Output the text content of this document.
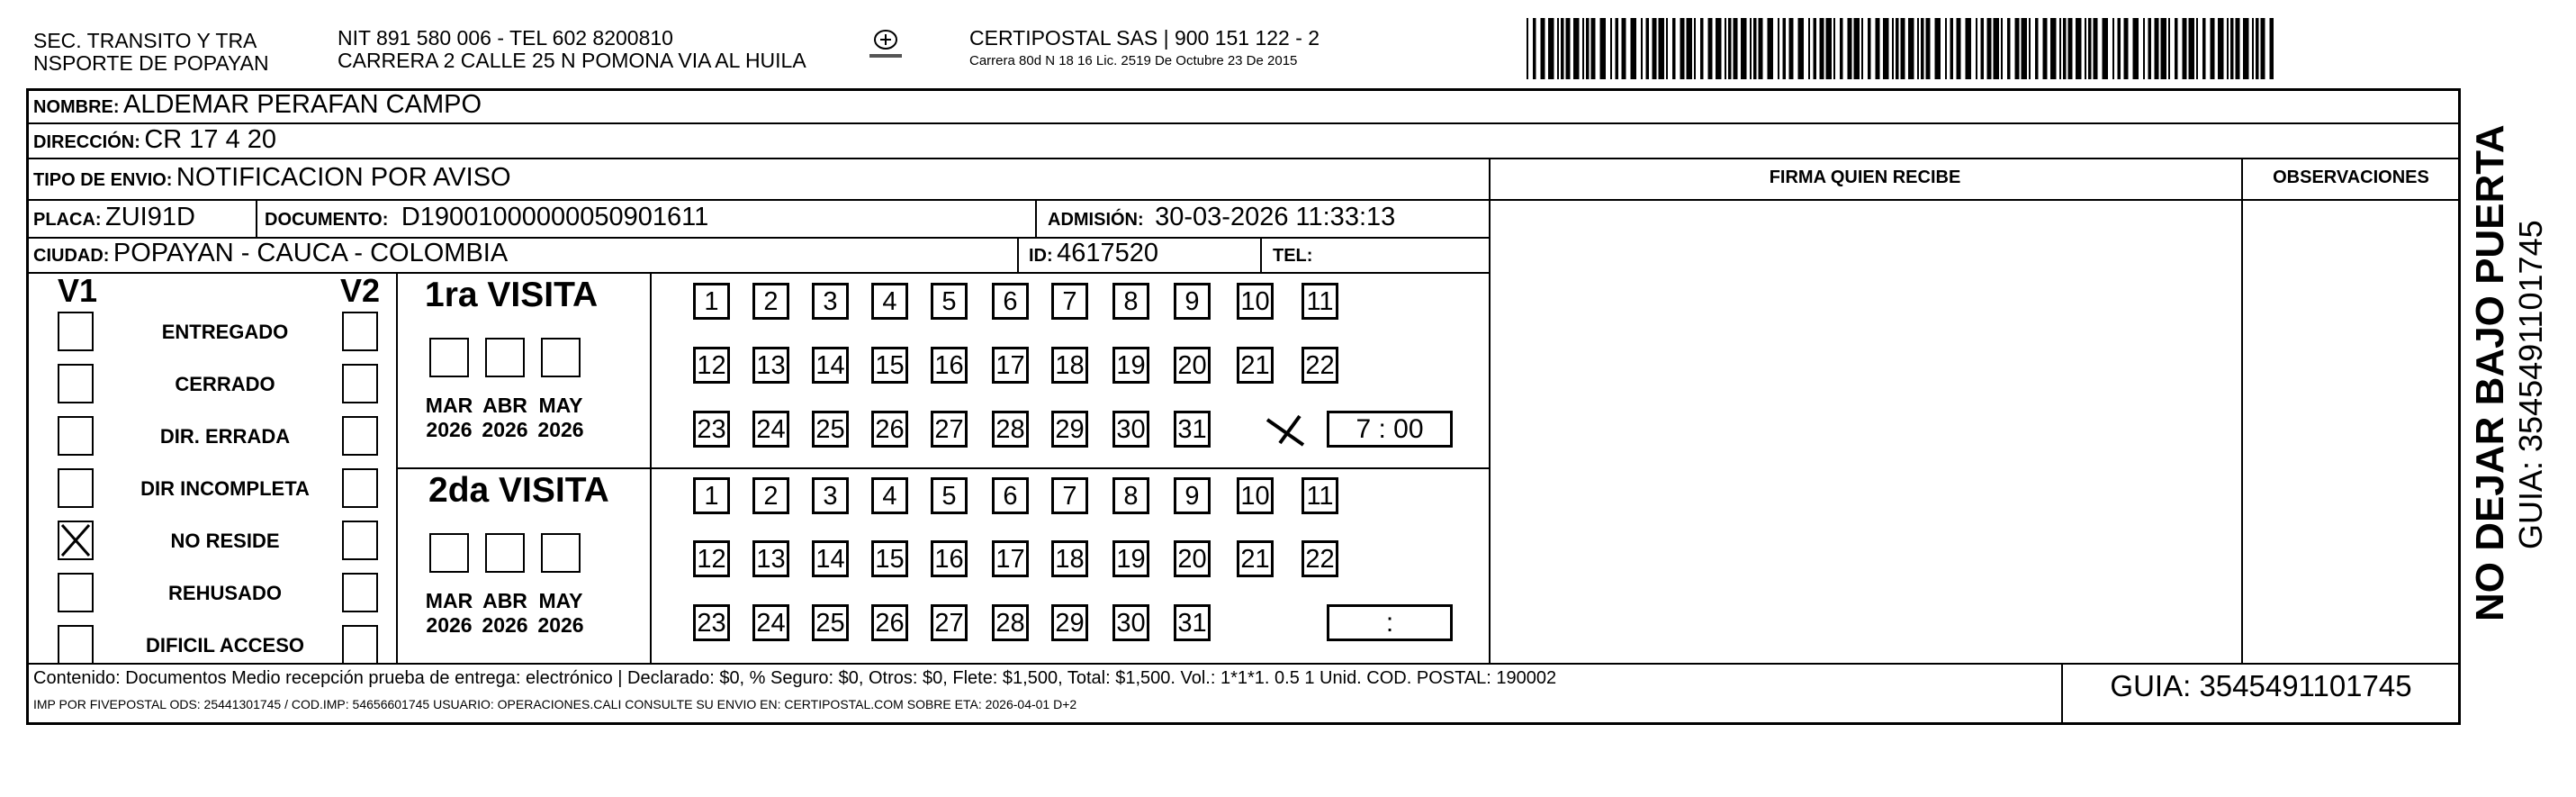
SEC. TRANSITO Y TRA
NSPORTE DE POPAYAN
NIT 891 580 006 - TEL 602 8200810
CARRERA 2 CALLE 25 N POMONA VIA AL HUILA
CERTIPOSTAL SAS | 900 151 122 - 2
Carrera 80d N 18 16 Lic. 2519 De Octubre 23 De 2015
NOMBRE: ALDEMAR PERAFAN CAMPO
DIRECCIÓN: CR 17 4 20
TIPO DE ENVIO: NOTIFICACION POR AVISO
PLACA: ZUI91D	DOCUMENTO: D19001000000050901611	ADMISIÓN: 30-03-2026 11:33:13
CIUDAD: POPAYAN - CAUCA - COLOMBIA	ID: 4617520	TEL:
FIRMA QUIEN RECIBE	OBSERVACIONES
V1	V2
ENTREGADO
CERRADO
DIR. ERRADA
DIR INCOMPLETA
NO RESIDE
REHUSADO
DIFICIL ACCESO
1ra VISITA
2da VISITA
MAR
2026
ABR
2026
MAY
2026
MAR
2026
ABR
2026
MAY
2026
1	2	3	4	5	6	7	8	9	10 11
12 13 14 15 16 17 18 19 20 21 22
23 24 25 26 27 28 29 30 31	7 : 00
1	2	3	4	5	6	7	8	9	10 11
12 13 14 15 16 17 18 19 20 21 22
23 24 25 26 27 28 29 30 31	:
Contenido: Documentos Medio recepción prueba de entrega: electrónico | Declarado: $0, % Seguro: $0, Otros: $0, Flete: $1,500, Total: $1,500. Vol.: 1*1*1. 0.5 1 Unid. COD. POSTAL: 190002
IMP POR FIVEPOSTAL ODS: 25441301745 / COD.IMP: 54656601745 USUARIO: OPERACIONES.CALI CONSULTE SU ENVIO EN: CERTIPOSTAL.COM SOBRE ETA: 2026-04-01 D+2
GUIA: 3545491101745
NO DEJAR BAJO PUERTA GUIA: 3545491101745
